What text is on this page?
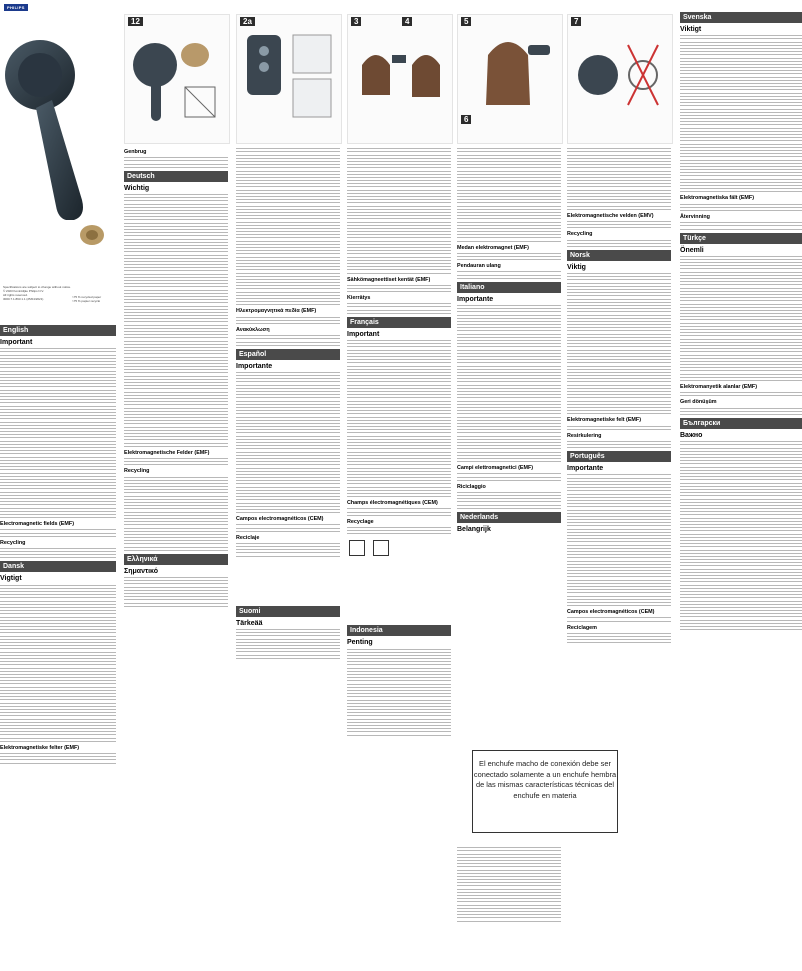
PHILIPS
Specifications are subject to change without notice.
© 2023 Koninklijke Philips N.V.
All rights reserved.
3000.7.1.893.1.1 (25/04/2021)	>75 % recycled paper
>75 % papier recyclé
English
Important
Electromagnetic fields (EMF)
Recycling
Dansk
Vigtigt
Elektromagnetiske felter (EMF)
12	2a	3	4	5
6
7
Genbrug
Deutsch
Wichtig
Elektromagnetische Felder (EMF)
Recycling
Ελληνικά
Σημαντικό
Ηλεκτρομαγνητικά πεδία (EMF)
Ανακύκλωση
Español
Importante
Campos electromagnéticos (CEM)
Reciclaje
Suomi
Tärkeää
Sähkömagneettiset kentät (EMF)
Kierrätys
Français
Important
Champs électromagnétiques (CEM)
Recyclage
Indonesia
Penting
El enchufe macho de conexión debe ser conectado solamente a un enchufe hembra de las mismas características técnicas del enchufe en materia
Medan elektromagnet (EMF)
Pendauran ulang
Italiano
Importante
Campi elettromagnetici (EMF)
Riciclaggio
Nederlands
Belangrijk
Elektromagnetische velden (EMV)
Recycling
Norsk
Viktig
Elektromagnetiske felt (EMF)
Resirkulering
Português
Importante
Campos electromagnéticos (CEM)
Reciclagem
Svenska
Viktigt
Elektromagnetiska fält (EMF)
Återvinning
Türkçe
Önemli
Elektromanyetik alanlar (EMF)
Geri dönüşüm
Български
Важно
